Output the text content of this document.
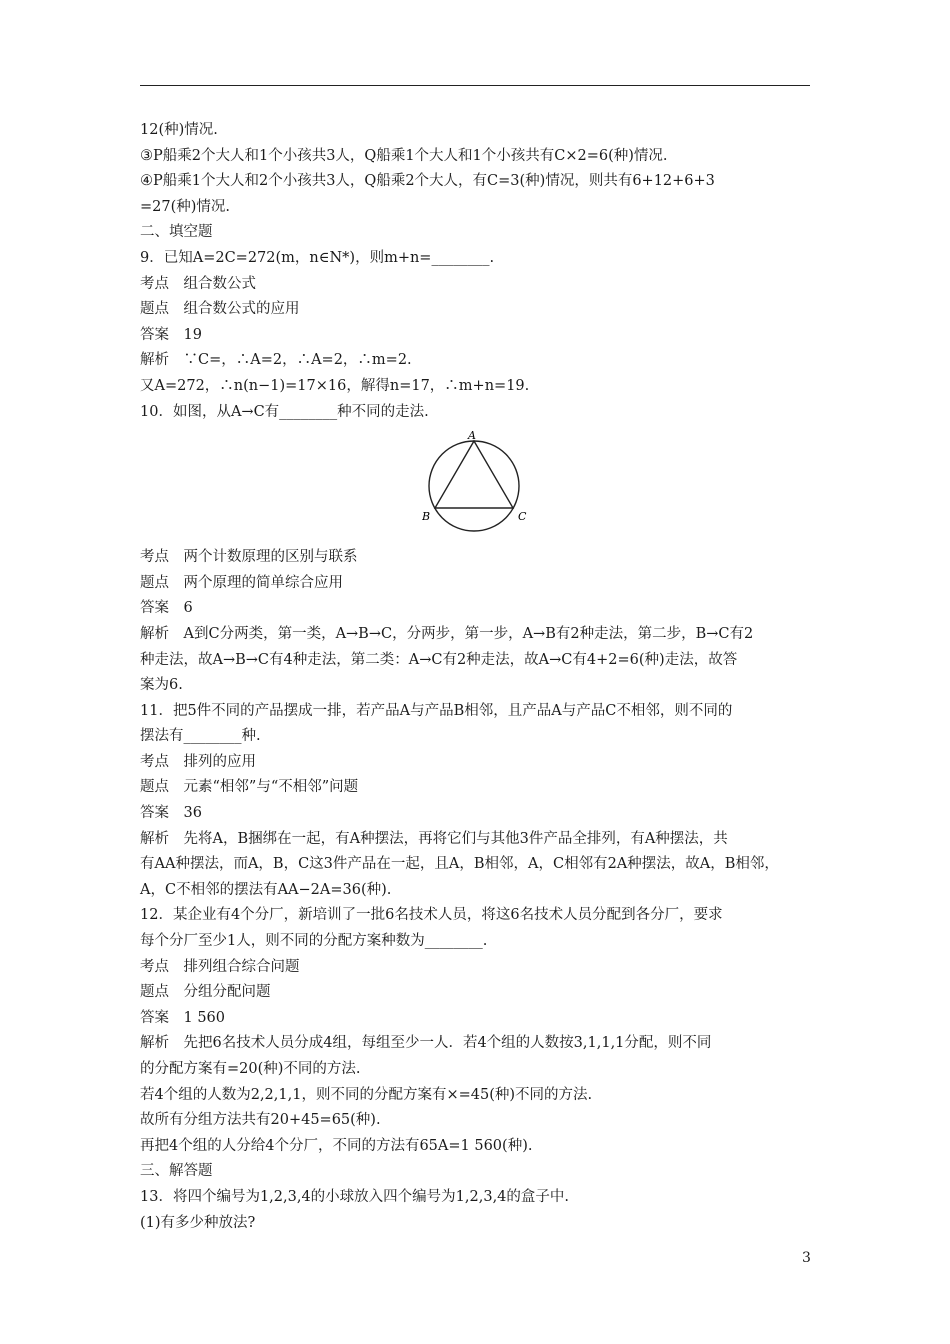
12(种)情况.

③P船乘2个大人和1个小孩共3人，Q船乘1个大人和1个小孩共有C×2=6(种)情况.

④P船乘1个大人和2个小孩共3人，Q船乘2个大人，有C=3(种)情况，则共有6+12+6+3

=27(种)情况.

二、填空题

9．已知A=2C=272(m，n∈N*)，则m+n=________.

考点　组合数公式

题点　组合数公式的应用

答案　19

解析　∵C=，∴A=2，∴A=2，∴m=2.

又A=272，∴n(n−1)=17×16，解得n=17，∴m+n=19.

10．如图，从A→C有________种不同的走法.

A
B	C

考点　两个计数原理的区别与联系

题点　两个原理的简单综合应用

答案　6

解析　A到C分两类，第一类，A→B→C，分两步，第一步，A→B有2种走法，第二步，B→C有2

种走法，故A→B→C有4种走法，第二类：A→C有2种走法，故A→C有4+2=6(种)走法，故答

案为6.

11．把5件不同的产品摆成一排，若产品A与产品B相邻，且产品A与产品C不相邻，则不同的

摆法有________种.

考点　排列的应用

题点　元素“相邻”与“不相邻”问题

答案　36

解析　先将A，B捆绑在一起，有A种摆法，再将它们与其他3件产品全排列，有A种摆法，共

有AA种摆法，而A，B，C这3件产品在一起，且A，B相邻，A，C相邻有2A种摆法，故A，B相邻，

A，C不相邻的摆法有AA−2A=36(种).

12．某企业有4个分厂，新培训了一批6名技术人员，将这6名技术人员分配到各分厂，要求

每个分厂至少1人，则不同的分配方案种数为________.

考点　排列组合综合问题

题点　分组分配问题

答案　1 560

解析　先把6名技术人员分成4组，每组至少一人．若4个组的人数按3,1,1,1分配，则不同

的分配方案有=20(种)不同的方法.

若4个组的人数为2,2,1,1，则不同的分配方案有×=45(种)不同的方法.

故所有分组方法共有20+45=65(种).

再把4个组的人分给4个分厂，不同的方法有65A=1 560(种).

三、解答题

13．将四个编号为1,2,3,4的小球放入四个编号为1,2,3,4的盒子中.

(1)有多少种放法?

3
